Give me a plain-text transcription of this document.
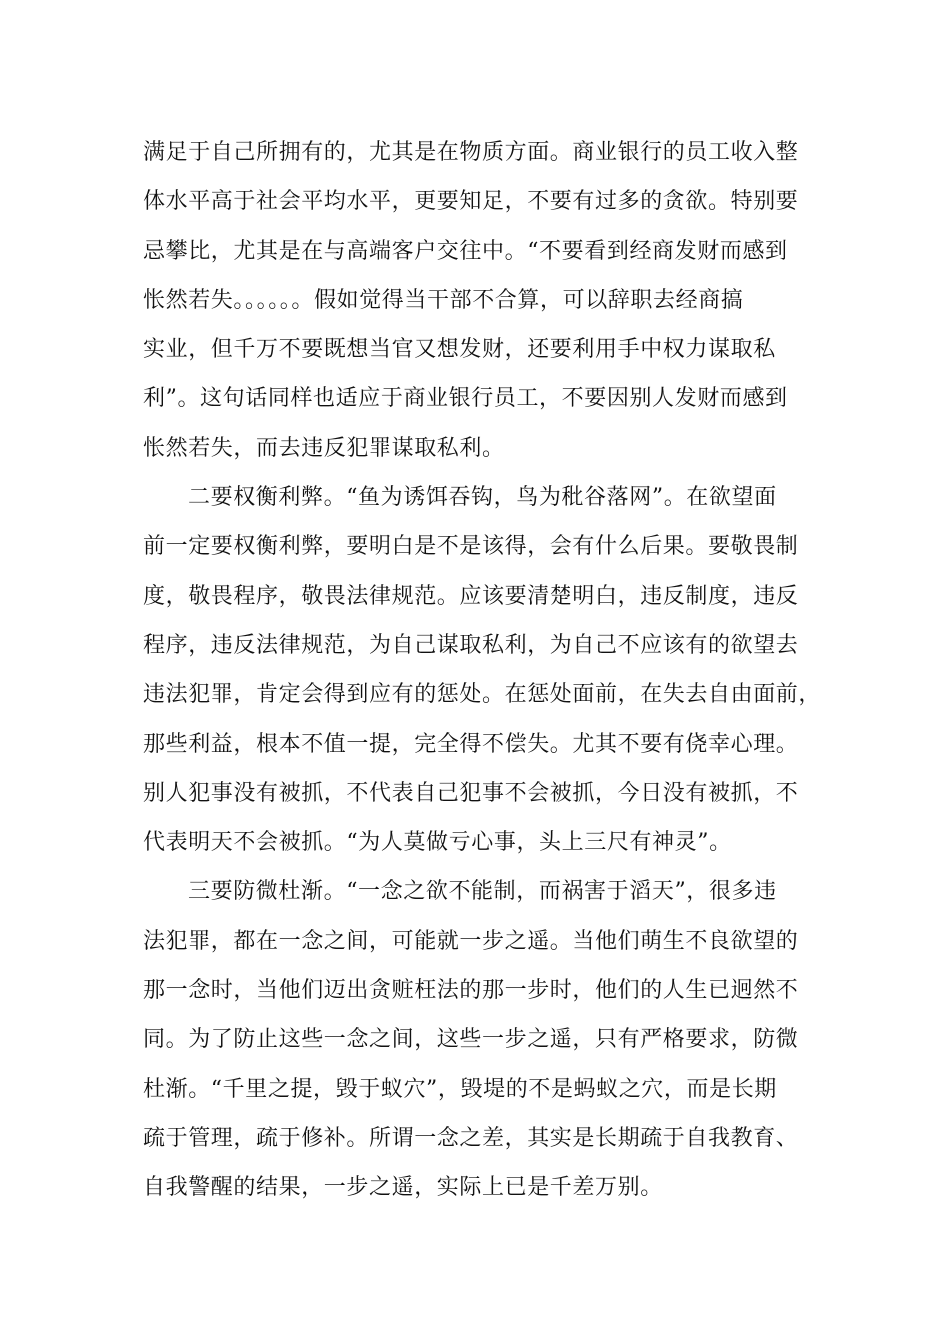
满足于自己所拥有的，尤其是在物质方面。商业银行的员工收入整
体水平高于社会平均水平，更要知足，不要有过多的贪欲。特别要
忌攀比，尤其是在与高端客户交往中。“不要看到经商发财而感到
怅然若失。。。。。。假如觉得当干部不合算，可以辞职去经商搞
实业，但千万不要既想当官又想发财，还要利用手中权力谋取私
利”。这句话同样也适应于商业银行员工，不要因别人发财而感到
怅然若失，而去违反犯罪谋取私利。
二要权衡利弊。“鱼为诱饵吞钩，鸟为秕谷落网”。在欲望面
前一定要权衡利弊，要明白是不是该得，会有什么后果。要敬畏制
度，敬畏程序，敬畏法律规范。应该要清楚明白，违反制度，违反
程序，违反法律规范，为自己谋取私利，为自己不应该有的欲望去
违法犯罪，肯定会得到应有的惩处。在惩处面前，在失去自由面前，
那些利益，根本不值一提，完全得不偿失。尤其不要有侥幸心理。
别人犯事没有被抓，不代表自己犯事不会被抓，今日没有被抓，不
代表明天不会被抓。“为人莫做亏心事，头上三尺有神灵”。
三要防微杜渐。“一念之欲不能制，而祸害于滔天”，很多违
法犯罪，都在一念之间，可能就一步之遥。当他们萌生不良欲望的
那一念时，当他们迈出贪赃枉法的那一步时，他们的人生已迥然不
同。为了防止这些一念之间，这些一步之遥，只有严格要求，防微
杜渐。“千里之提，毁于蚁穴”，毁堤的不是蚂蚁之穴，而是长期
疏于管理，疏于修补。所谓一念之差，其实是长期疏于自我教育、
自我警醒的结果，一步之遥，实际上已是千差万别。
